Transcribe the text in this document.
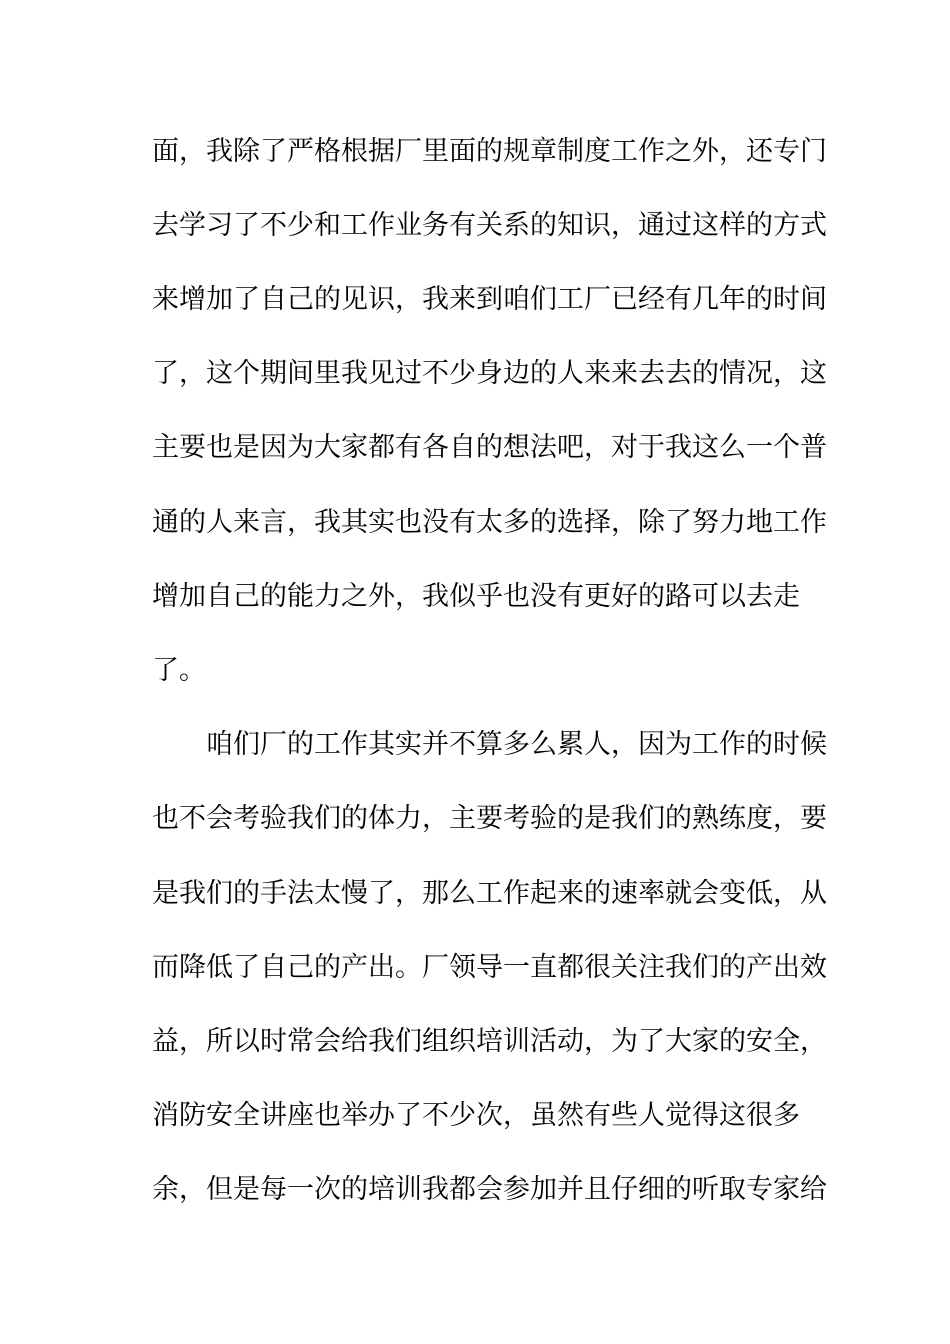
面，我除了严格根据厂里面的规章制度工作之外，还专门
去学习了不少和工作业务有关系的知识，通过这样的方式
来增加了自己的见识，我来到咱们工厂已经有几年的时间
了，这个期间里我见过不少身边的人来来去去的情况，这
主要也是因为大家都有各自的想法吧，对于我这么一个普
通的人来言，我其实也没有太多的选择，除了努力地工作
增加自己的能力之外，我似乎也没有更好的路可以去走
了。
咱们厂的工作其实并不算多么累人，因为工作的时候
也不会考验我们的体力，主要考验的是我们的熟练度，要
是我们的手法太慢了，那么工作起来的速率就会变低，从
而降低了自己的产出。厂领导一直都很关注我们的产出效
益，所以时常会给我们组织培训活动，为了大家的安全，
消防安全讲座也举办了不少次，虽然有些人觉得这很多
余，但是每一次的培训我都会参加并且仔细的听取专家给
